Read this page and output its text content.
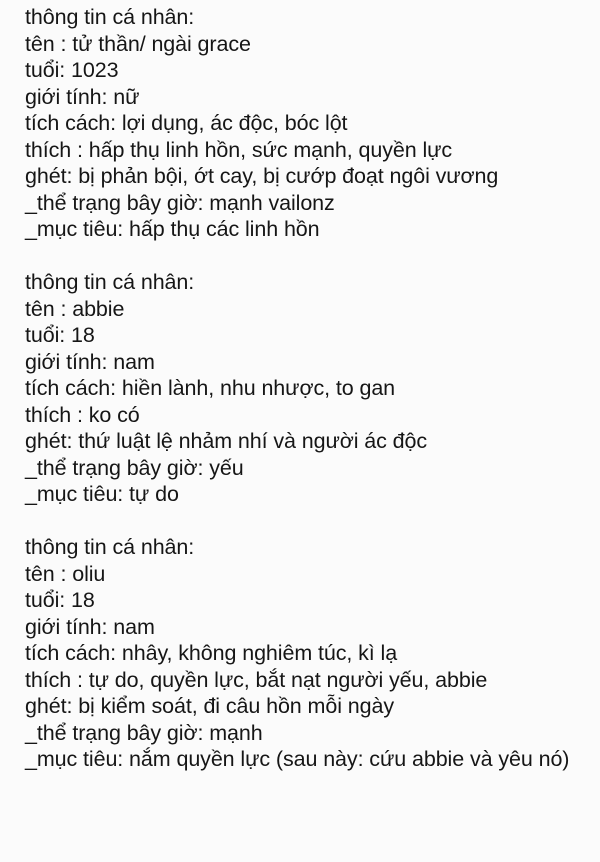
thông tin cá nhân:
tên : tử thần/ ngài grace
tuổi: 1023
giới tính: nữ
tích cách: lợi dụng, ác độc, bóc lột
thích : hấp thụ linh hồn, sức mạnh, quyền lực
ghét: bị phản bội, ớt cay, bị cướp đoạt ngôi vương
_thể trạng bây giờ: mạnh vailonz
_mục tiêu: hấp thụ các linh hồn
thông tin cá nhân:
tên : abbie
tuổi: 18
giới tính: nam
tích cách: hiền lành, nhu nhược, to gan
thích : ko có
ghét: thứ luật lệ nhảm nhí và người ác độc
_thể trạng bây giờ: yếu
_mục tiêu: tự do
thông tin cá nhân:
tên : oliu
tuổi: 18
giới tính: nam
tích cách: nhây, không nghiêm túc, kì lạ
thích : tự do, quyền lực, bắt nạt người yếu, abbie
ghét: bị kiểm soát, đi câu hồn mỗi ngày
_thể trạng bây giờ: mạnh
_mục tiêu: nắm quyền lực (sau này: cứu abbie và yêu nó)
